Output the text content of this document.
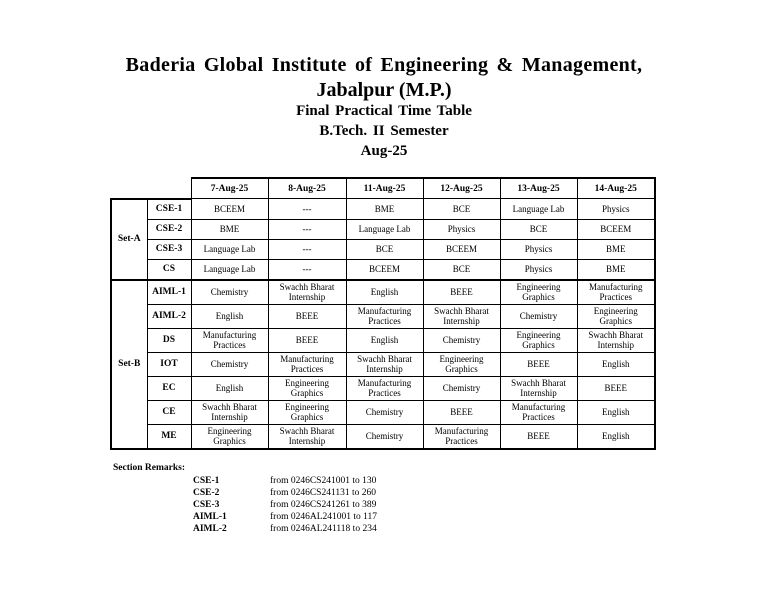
Baderia Global Institute of Engineering & Management,
Jabalpur (M.P.)
Final Practical Time Table
B.Tech. II Semester
Aug-25
		7-Aug-25	8-Aug-25	11-Aug-25	12-Aug-25	13-Aug-25	14-Aug-25
Set-A	CSE-1	BCEEM	---	BME	BCE	Language Lab	Physics
	CSE-2	BME	---	Language Lab	Physics	BCE	BCEEM
	CSE-3	Language Lab	---	BCE	BCEEM	Physics	BME
	CS	Language Lab	---	BCEEM	BCE	Physics	BME
Set-B	AIML-1	Chemistry	Swachh Bharat Internship	English	BEEE	Engineering Graphics	Manufacturing Practices
	AIML-2	English	BEEE	Manufacturing Practices	Swachh Bharat Internship	Chemistry	Engineering Graphics
	DS	Manufacturing Practices	BEEE	English	Chemistry	Engineering Graphics	Swachh Bharat Internship
	IOT	Chemistry	Manufacturing Practices	Swachh Bharat Internship	Engineering Graphics	BEEE	English
	EC	English	Engineering Graphics	Manufacturing Practices	Chemistry	Swachh Bharat Internship	BEEE
	CE	Swachh Bharat Internship	Engineering Graphics	Chemistry	BEEE	Manufacturing Practices	English
	ME	Engineering Graphics	Swachh Bharat Internship	Chemistry	Manufacturing Practices	BEEE	English
Section Remarks:
CSE-1	from 0246CS241001 to 130
CSE-2	from 0246CS241131 to 260
CSE-3	from 0246CS241261 to 389
AIML-1	from 0246AL241001 to 117
AIML-2	from 0246AL241118 to 234
